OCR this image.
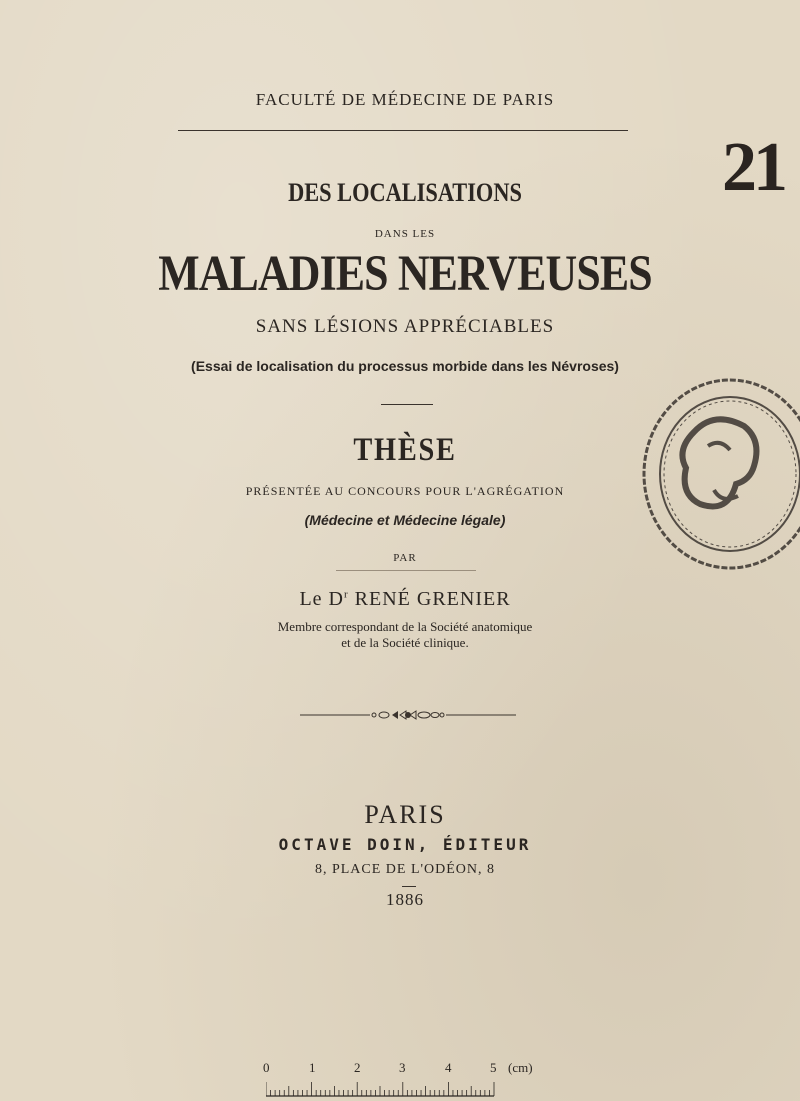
FACULTÉ DE MÉDECINE DE PARIS
21
DES LOCALISATIONS
DANS LES
MALADIES NERVEUSES
SANS LÉSIONS APPRÉCIABLES
(Essai de localisation du processus morbide dans les Névroses)
THÈSE
PRÉSENTÉE AU CONCOURS POUR L'AGRÉGATION
(Médecine et Médecine légale)
PAR
Le $D^r$ RENÉ GRENIER
Membre correspondant de la Société anatomique
et de la Société clinique.
PARIS
OCTAVE DOIN, ÉDITEUR
8, PLACE DE L'ODÉON, 8
1886
0	1	2	3	4	5 (cm)
